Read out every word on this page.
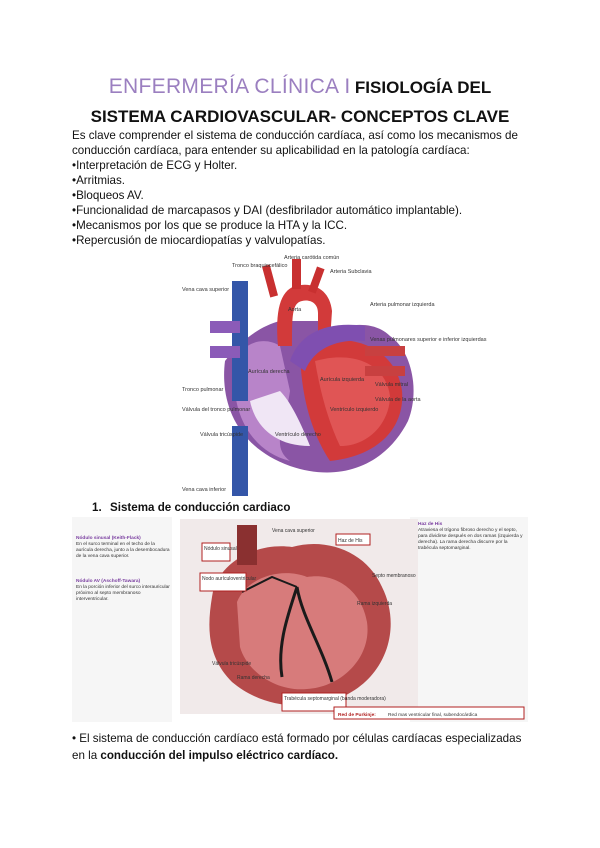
ENFERMERÍA CLÍNICA I FISIOLOGÍA DEL
SISTEMA CARDIOVASCULAR- CONCEPTOS CLAVE
Es clave comprender el sistema de conducción cardíaca, así como los mecanismos de conducción cardíaca, para entender su aplicabilidad en la patología cardíaca:
• Interpretación de ECG y Holter.
• Arritmias.
• Bloqueos AV.
• Funcionalidad de marcapasos y DAI (desfibrilador automático implantable).
• Mecanismos por los que se produce la HTA y la ICC.
• Repercusión de miocardiopatías y valvulopatías.
Tronco braquiocefálico
Arteria carótida común
Arteria Subclavia
Vena cava superior
Aorta
Arteria pulmonar izquierda
Venas pulmonares superior e inferior izquierdas
Tronco pulmonar
Aurícula derecha
Aurícula izquierda
Válvula mitral
Válvula del tronco pulmonar
Válvula de la aorta
Ventrículo izquierdo
Válvula tricúspide	Ventrículo derecho
Vena cava inferior
1. Sistema de conducción cardiaco
Nódulo sinusal
Nodo aurículoventricular
Haz de His
Trabécula septomarginal (banda moderadora)
Vena cava superior
Septo membranoso
Rama izquierda
Válvula tricúspide
Rama derecha
Nódulo sinusal (Keith-Flack)
Nódulo AV (Aschoff-Tawara)
Haz de His
Red de Purkinje:	Red mas ventricular final, subendocárdica
En el surco terminal en el techo de la aurícula derecha, junto a la desembocadura de la vena cava superior.
En la porción inferior del surco interauricular próximo al septo membranoso interventricular.
Atraviesa el trígono fibroso derecho y el septo, para dividirse después en dos ramas (izquierda y derecha). La rama derecha discurre por la trabécula septomarginal.
• El sistema de conducción cardíaco está formado por células cardíacas especializadas en la conducción del impulso eléctrico cardíaco.
